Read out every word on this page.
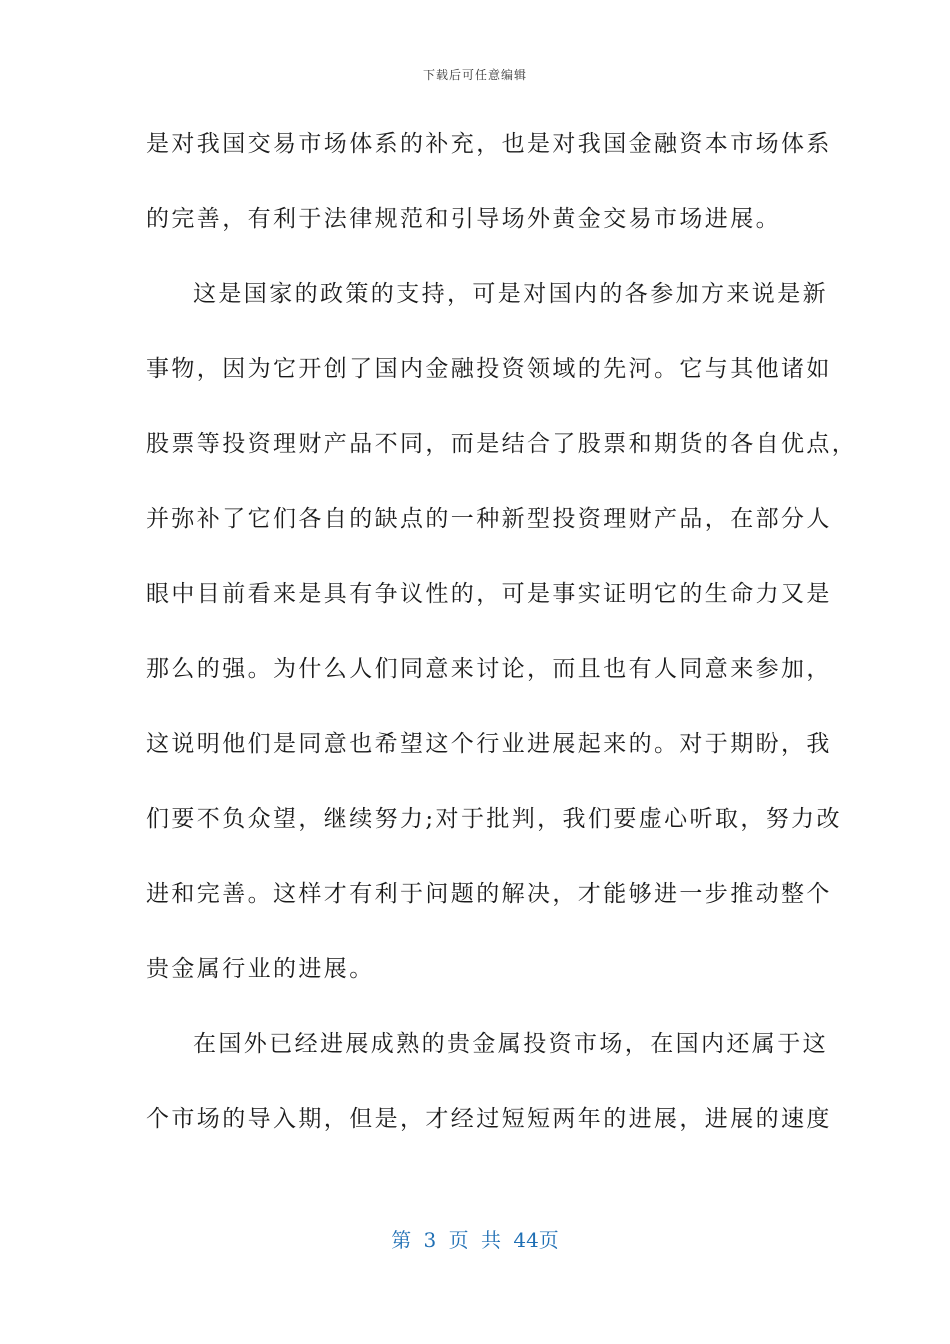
下载后可任意编辑
是对我国交易市场体系的补充，也是对我国金融资本市场体系
的完善，有利于法律规范和引导场外黄金交易市场进展。
这是国家的政策的支持，可是对国内的各参加方来说是新
事物，因为它开创了国内金融投资领域的先河。它与其他诸如
股票等投资理财产品不同，而是结合了股票和期货的各自优点，
并弥补了它们各自的缺点的一种新型投资理财产品，在部分人
眼中目前看来是具有争议性的，可是事实证明它的生命力又是
那么的强。为什么人们同意来讨论，而且也有人同意来参加，
这说明他们是同意也希望这个行业进展起来的。对于期盼，我
们要不负众望，继续努力;对于批判，我们要虚心听取，努力改
进和完善。这样才有利于问题的解决，才能够进一步推动整个
贵金属行业的进展。
在国外已经进展成熟的贵金属投资市场，在国内还属于这
个市场的导入期，但是，才经过短短两年的进展，进展的速度
第 3 页 共 44页
